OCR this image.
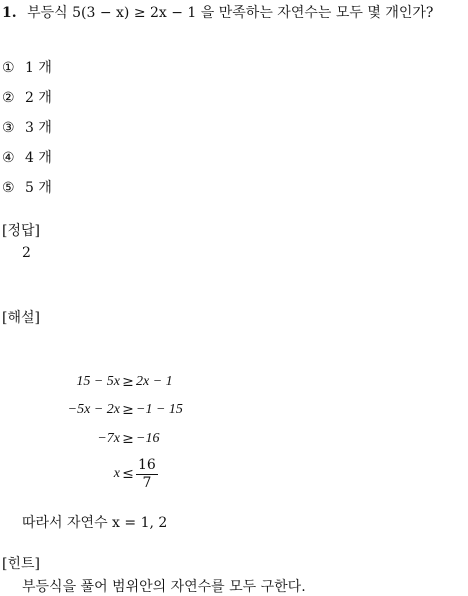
1. 부등식 5(3 − x) ≥ 2x − 1 을 만족하는 자연수는 모두 몇 개인가?
① 1 개
② 2 개
③ 3 개
④ 4 개
⑤ 5 개
[정답]
2
[해설]
15 − 5x ≥ 2x − 1
−5x − 2x ≥ −1 − 15
−7x ≥ −16
$x \le \frac{16}{7}$
따라서 자연수 x = 1, 2
[힌트]
부등식을 풀어 범위안의 자연수를 모두 구한다.
